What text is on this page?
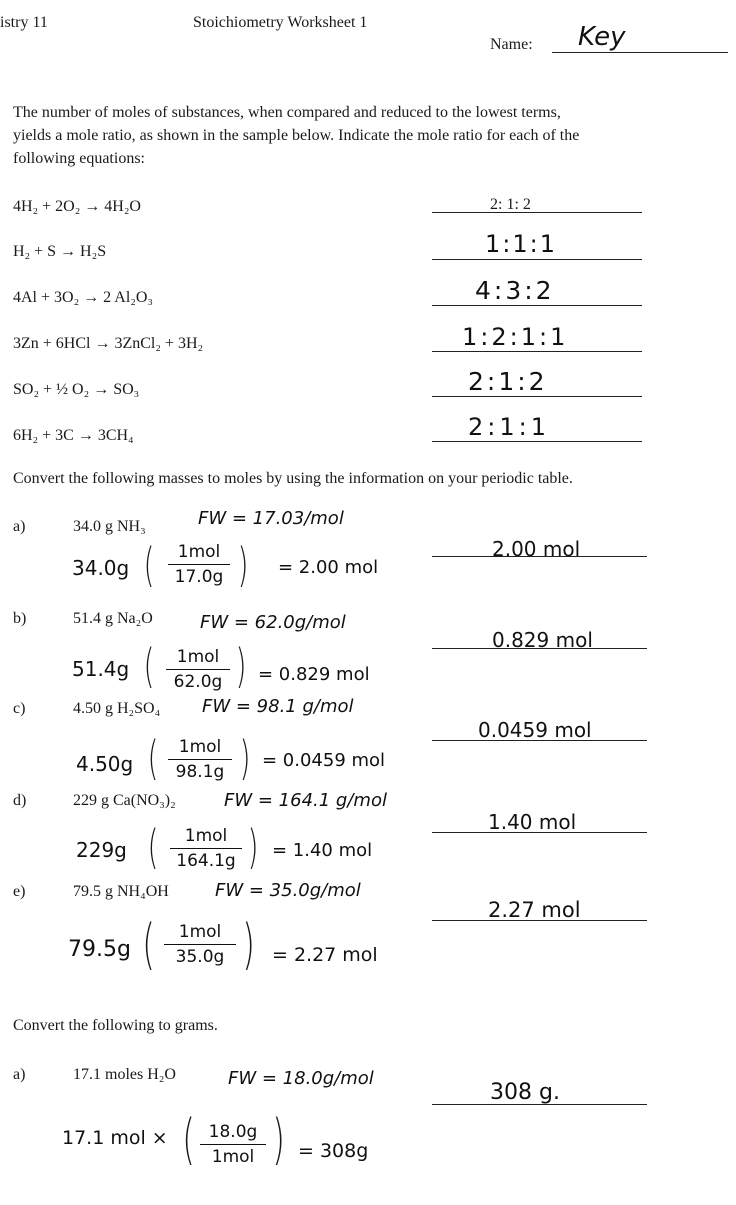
istry 11	Stoichiometry Worksheet 1
Name: Key
The number of moles of substances, when compared and reduced to the lowest terms,
yields a mole ratio, as shown in the sample below. Indicate the mole ratio for each of the
following equations:
4H₂ + 2O₂ → 4H₂O	2: 1: 2
H₂ + S → H₂S	1:1:1
4Al + 3O₂ → 2 Al₂O₃	4:3:2
3Zn + 6HCl → 3ZnCl₂ + 3H₂	1:2:1:1
SO₂ + ½ O₂ → SO₃	2:1:2
6H₂ + 3C → 3CH₄	2:1:1
Convert the following masses to moles by using the information on your periodic table.
a)	34.0 g NH₃	FW = 17.03/mol
34.0g (	1mol
17.0g ) = 2.00 mol
2.00 mol
b)	51.4 g Na₂O	FW = 62.0g/mol
51.4g (	1mol
62.0g ) = 0.829 mol
0.829 mol
c)	4.50 g H₂SO₄ FW = 98.1 g/mol
4.50g (	1mol
98.1g ) = 0.0459 mol
0.0459 mol
d)	229 g Ca(NO₃)₂	FW = 164.1 g/mol
229g (	1mol
164.1g ) = 1.40 mol
1.40 mol
e)	79.5 g NH₄OH	FW = 35.0g/mol
79.5g (	1mol
35.0g ) = 2.27 mol
2.27 mol
Convert the following to grams.
a)	17.1 moles H₂O	FW = 18.0g/mol
17.1 mol × ( 18.0g
1mol ) = 308g
308 g.
